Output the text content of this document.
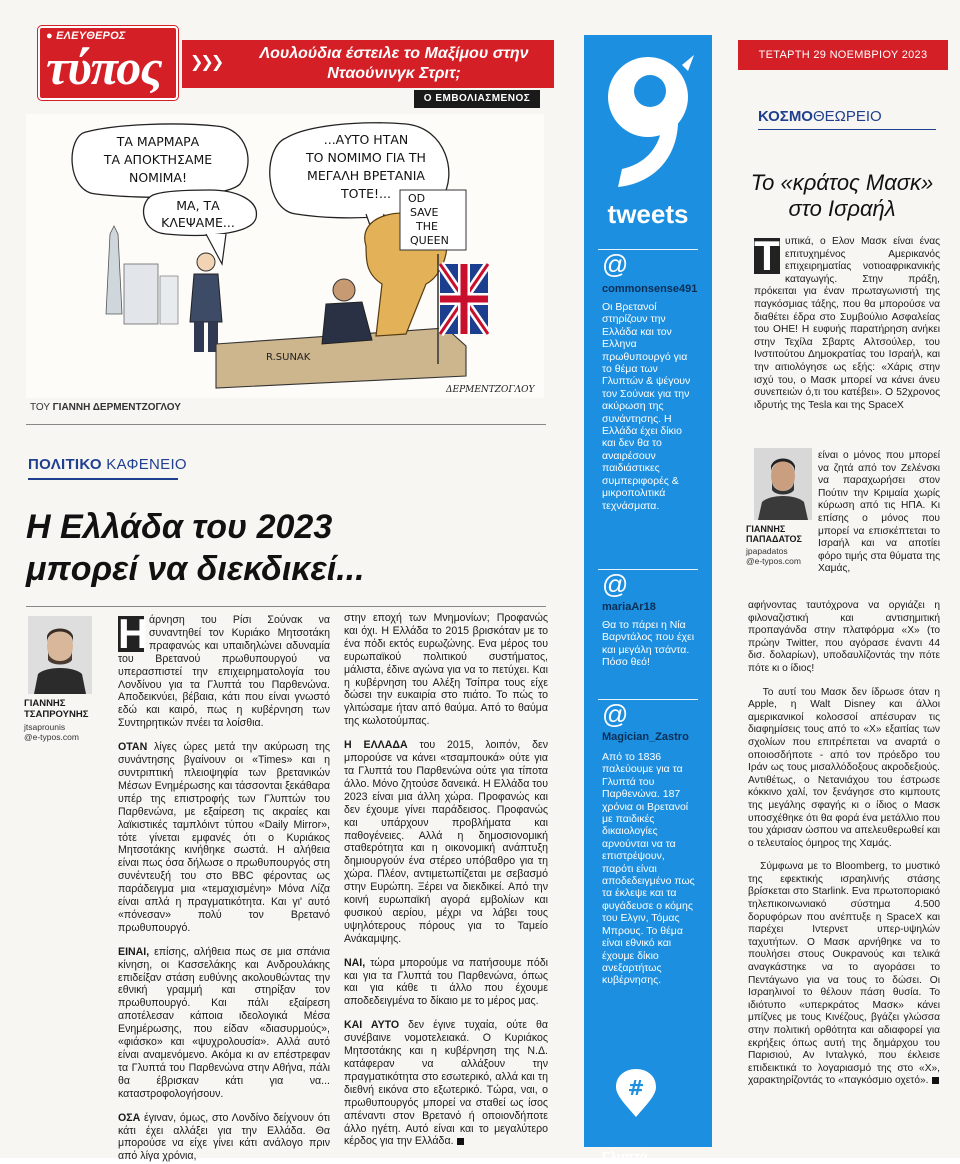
● ΕΛΕΥΘΕΡΟΣ
τύπος ❯❯❯	Λουλούδια έστειλε το Μαξίμου στην Νταούνινγκ Στριτ;
Ο ΕΜΒΟΛΙΑΣΜΕΝΟΣ
ΤΑ ΜΑΡΜΑΡΑ
ΤΑ ΑΠΟΚΤΗΣΑΜΕ
ΝΟΜΙΜΑ!
ΜΑ, ΤΑ
ΚΛΕΨΑΜΕ...
...ΑΥΤΟ ΗΤΑΝ
ΤΟ ΝΟΜΙΜΟ ΓΙΑ ΤΗ
ΜΕΓΑΛΗ ΒΡΕΤΑΝΙΑ
ΤΟΤΕ!...
R.SUNAK
OD
SAVE
THE
QUEEN
ΔΕΡΜΕΝΤΖΟΓΛΟΥ
ΤΟΥ ΓΙΑΝΝΗ ΔΕΡΜΕΝΤΖΟΓΛΟΥ
ΠΟΛΙΤΙΚΟ ΚΑΦΕΝΕΙΟ
Η Ελλάδα του 2023
μπορεί να διεκδικεί...
ΓΙΑΝΝΗΣ
ΤΣΑΠΡΟΥΝΗΣ
jtsaprounis
@e-typos.com

Η άρνηση του Ρίσι Σούνακ να συναντηθεί τον Κυριάκο Μητσοτάκη πραφανώς και υπαιδηλώνει αδυναμία του Βρετανού πρωθυπουργού να υπερασπιστεί την επιχειρηματολογία του Λονδίνου για τα Γλυπτά του Παρθενώνα. Αποδεικνύει, βέβαια, κάτι που είναι γνωστό εδώ και καιρό, πως η κυβέρνηση των Συντηρητικών πνέει τα λοίσθια.

ΟΤΑΝ λίγες ώρες μετά την ακύρωση της συνάντησης βγαίνουν οι «Times» και η συντριπτική πλειοψηφία των βρετανικών Μέσων Ενημέρωσης και τάσσονται ξεκάθαρα υπέρ της επιστροφής των Γλυπτών του Παρθενώνα, με εξαίρεση τις ακραίες και λαϊκιστικές ταμπλόιντ τύπου «Daily Mirror», τότε γίνεται εμφανές ότι ο Κυριάκος Μητσοτάκης κινήθηκε σωστά. Η αλήθεια είναι πως όσα δήλωσε ο πρωθυπουργός στη συνέντευξή του στο BBC φέροντας ως παράδειγμα μια «τεμαχισμένη» Μόνα Λίζα είναι απλά η πραγματικότητα. Και γι' αυτό «πόνεσαν» πολύ τον Βρετανό πρωθυπουργό.

ΕΙΝΑΙ, επίσης, αλήθεια πως σε μια σπάνια κίνηση, οι Κασσελάκης και Ανδρουλάκης επιδείξαν στάση ευθύνης ακολουθώντας την εθνική γραμμή και στηρίξαν τον πρωθυπουργό. Και πάλι εξαίρεση αποτέλεσαν κάποια ιδεολογικά Μέσα Ενημέρωσης, που είδαν «διασυρμούς», «φιάσκο» και «ψυχρολουσία». Αλλά αυτό είναι αναμενόμενο. Ακόμα κι αν επέστρεφαν τα Γλυπτά του Παρθενώνα στην Αθήνα, πάλι θα έβρισκαν κάτι για να... καταστροφολογήσουν.

ΟΣΑ έγιναν, όμως, στο Λονδίνο δείχνουν ότι κάτι έχει αλλάξει για την Ελλάδα. Θα μπορούσε να είχε γίνει κάτι ανάλογο πριν από λίγα χρόνια,

στην εποχή των Μνημονίων; Προφανώς και όχι. Η Ελλάδα το 2015 βρισκόταν με το ένα πόδι εκτός ευρωζώνης. Ενα μέρος του ευρωπαϊκού πολιτικού συστήματος, μάλιστα, έδινε αγώνα για να το πετύχει. Και η κυβέρνηση του Αλέξη Τσίπρα τους είχε δώσει την ευκαιρία στο πιάτο. Το πώς το γλιτώσαμε ήταν από θαύμα. Από το θαύμα της κωλοτούμπας.

Η ΕΛΛΑΔΑ του 2015, λοιπόν, δεν μπορούσε να κάνει «τσαμπουκά» ούτε για τα Γλυπτά του Παρθενώνα ούτε για τίποτα άλλο. Μόνο ζητούσε δανεικά. Η Ελλάδα του 2023 είναι μια άλλη χώρα. Προφανώς και δεν έχουμε γίνει παράδεισος. Προφανώς και υπάρχουν προβλήματα και παθογένειες. Αλλά η δημοσιονομική σταθερότητα και η οικονομική ανάπτυξη δημιουργούν ένα στέρεο υπόβαθρο για τη χώρα. Πλέον, αντιμετωπίζεται με σεβασμό στην Ευρώπη. Ξέρει να διεκδικεί. Από την κοινή ευρωπαϊκή αγορά εμβολίων και φυσικού αερίου, μέχρι να λάβει τους υψηλότερους πόρους για το Ταμείο Ανάκαμψης.

ΝΑΙ, τώρα μπορούμε να πατήσουμε πόδι και για τα Γλυπτά του Παρθενώνα, όπως και για κάθε τι άλλο που έχουμε αποδεδειγμένα το δίκαιο με το μέρος μας.

ΚΑΙ ΑΥΤΟ δεν έγινε τυχαία, ούτε θα συνέβαινε νομοτελειακά. Ο Κυριάκος Μητσοτάκης και η κυβέρνηση της Ν.Δ. κατάφεραν να αλλάξουν την πραγματικότητα στο εσωτερικό, αλλά και τη διεθνή εικόνα στο εξωτερικό. Τώρα, ναι, ο πρωθυπουργός μπορεί να σταθεί ως ίσος απέναντι στον Βρετανό ή οποιονδήποτε άλλο ηγέτη. Αυτό είναι και το μεγαλύτερο κέρδος για την Ελλάδα.

tweets
@
commonsense491
Οι Βρετανοί στηρίζουν την Ελλάδα και τον Ελληνα πρωθυπουργό για το θέμα των Γλυπτών & ψέγουν τον Σούνακ για την ακύρωση της συνάντησης. Η Ελλάδα έχει δίκιο και δεν θα το αναιρέσουν παιδιάστικες συμπεριφορές & μικροπολιτικά τεχνάσματα.
@
mariaAr18
Θα το πάρει η Νία Βαρντάλος που έχει και μεγάλη τσάντα. Πόσο θεό!
@
Magician_Zastro
Από το 1836 παλεύουμε για τα Γλυπτά του Παρθενώνα. 187 χρόνια οι Βρετανοί με παιδικές δικαιολογίες αρνούνται να τα επιστρέψουν, παρότι είναι αποδεδειγμένο πως τα έκλεψε και τα φυγάδευσε ο κόμης του Ελγιν, Τόμας Μπρους. Το θέμα είναι εθνικό και έχουμε δίκιο ανεξαρτήτως κυβέρνησης.
#
Γλυπτά
ΤΕΤΑΡΤΗ 29 ΝΟΕΜΒΡΙΟΥ 2023
ΚΟΣΜΟΘΕΩΡΕΙΟ
Το «κράτος Μασκ»
στο Ισραήλ

Τ υπικά, ο Ελον Μασκ είναι ένας επιτυχημένος Αμερικανός επιχειρηματίας νοτιοαφρικανικής καταγωγής. Στην πράξη, πρόκειται για έναν πρωταγωνιστή της παγκόσμιας τάξης, που θα μπορούσε να διαθέτει έδρα στο Συμβούλιο Ασφαλείας του ΟΗΕ! Η ευφυής παρατήρηση ανήκει στην Τεχίλα Σβαρτς Αλτσούλερ, του Ινστιτούτου Δημοκρατίας του Ισραήλ, και την αιτιολόγησε ως εξής: «Χάρις στην ισχύ του, ο Μασκ μπορεί να κάνει άνευ συνεπειών ό,τι του κατέβει». Ο 52χρονος ιδρυτής της Tesla και της SpaceX

ΓΙΑΝΝΗΣ
ΠΑΠΑΔΑΤΟΣ
jpapadatos
@e-typos.com

είναι ο μόνος που μπορεί να ζητά από τον Ζελένσκι να παραχωρήσει στον Πούτιν την Κριμαία χωρίς κύρωση από τις ΗΠΑ. Κι επίσης ο μόνος που μπορεί να επισκέπτεται το Ισραήλ και να αποτίει φόρο τιμής στα θύματα της Χαμάς,

αφήνοντας ταυτόχρονα να οργιάζει η φιλοναζιστική και αντισημιτική προπαγάνδα στην πλατφόρμα «Χ» (το πρώην Twitter, που αγόρασε έναντι 44 δισ. δολαρίων), υποδαυλίζοντάς την πότε πότε κι ο ίδιος!

Το αυτί του Μασκ δεν ίδρωσε όταν η Apple, η Walt Disney και άλλοι αμερικανικοί κολοσσοί απέσυραν τις διαφημίσεις τους από το «Χ» εξαιτίας των σχολίων που επιτρέπεται να αναρτά ο οποιοσδήποτε - από τον πρόεδρο του Ιράν ως τους μισαλλόδοξους ακροδεξιούς. Αντιθέτως, ο Νετανιάχου του έστρωσε κόκκινο χαλί, τον ξενάγησε στο κιμπουτς της μεγάλης σφαγής κι ο ίδιος ο Μασκ υποσχέθηκε ότι θα φορά ένα μετάλλιο που του χάρισαν ώσπου να απελευθερωθεί και ο τελευταίος όμηρος της Χαμάς.

Σύμφωνα με το Bloomberg, το μυστικό της εφεκτικής ισραηλινής στάσης βρίσκεται στο Starlink. Ενα πρωτοποριακό τηλεπικοινωνιακό σύστημα 4.500 δορυφόρων που ανέπτυξε η SpaceX και παρέχει Ιντερνετ υπερ-υψηλών ταχυτήτων. Ο Μασκ αρνήθηκε να το πουλήσει στους Ουκρανούς και τελικά αναγκάστηκε να το αγοράσει το Πεντάγωνο για να τους το δώσει. Οι Ισραηλινοί το θέλουν πάση θυσία. Το ιδιότυπο «υπερκράτος Μασκ» κάνει μπίζνες με τους Κινέζους, βγάζει γλώσσα στην πολιτική ορθότητα και αδιαφορεί για εκρήξεις όπως αυτή της δημάρχου του Παρισιού, Αν Ινταλγκό, που έκλεισε επιδεικτικά το λογαριασμό της στο «Χ», χαρακτηρίζοντάς το «παγκόσμιο οχετό».
